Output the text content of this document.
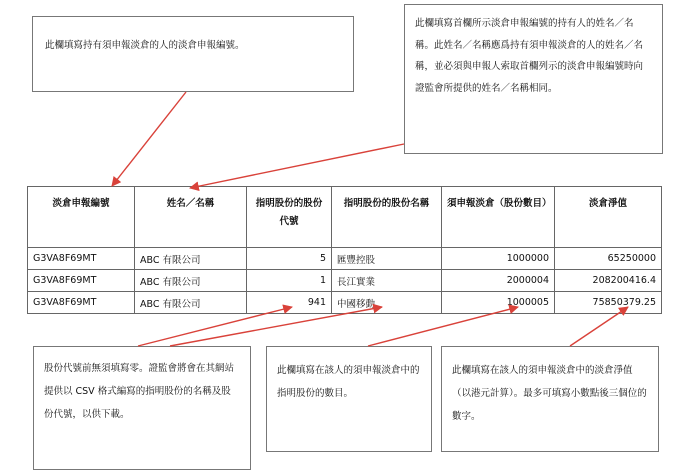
此欄填寫持有須申報淡倉的人的淡倉申報編號。
此欄填寫首欄所示淡倉申報編號的持有人的姓名／名稱。此姓名／名稱應爲持有須申報淡倉的人的姓名／名稱，並必須與申報人索取首欄列示的淡倉申報編號時向證監會所提供的姓名／名稱相同。
淡倉申報編號	姓名／名稱	指明股份的股份代號	指明股份的股份名稱	須申報淡倉（股份數目）	淡倉淨值
G3VA8F69MT	ABC 有限公司	5	匯豐控股	1000000	65250000
G3VA8F69MT	ABC 有限公司	1	長江實業	2000004	208200416.4
G3VA8F69MT	ABC 有限公司	941	中國移動	1000005	75850379.25
股份代號前無須填寫零。證監會將會在其網站提供以 CSV 格式編寫的指明股份的名稱及股份代號，以供下載。
此欄填寫在該人的須申報淡倉中的指明股份的數目。
此欄填寫在該人的須申報淡倉中的淡倉淨值（以港元計算）。最多可填寫小數點後三個位的數字。
